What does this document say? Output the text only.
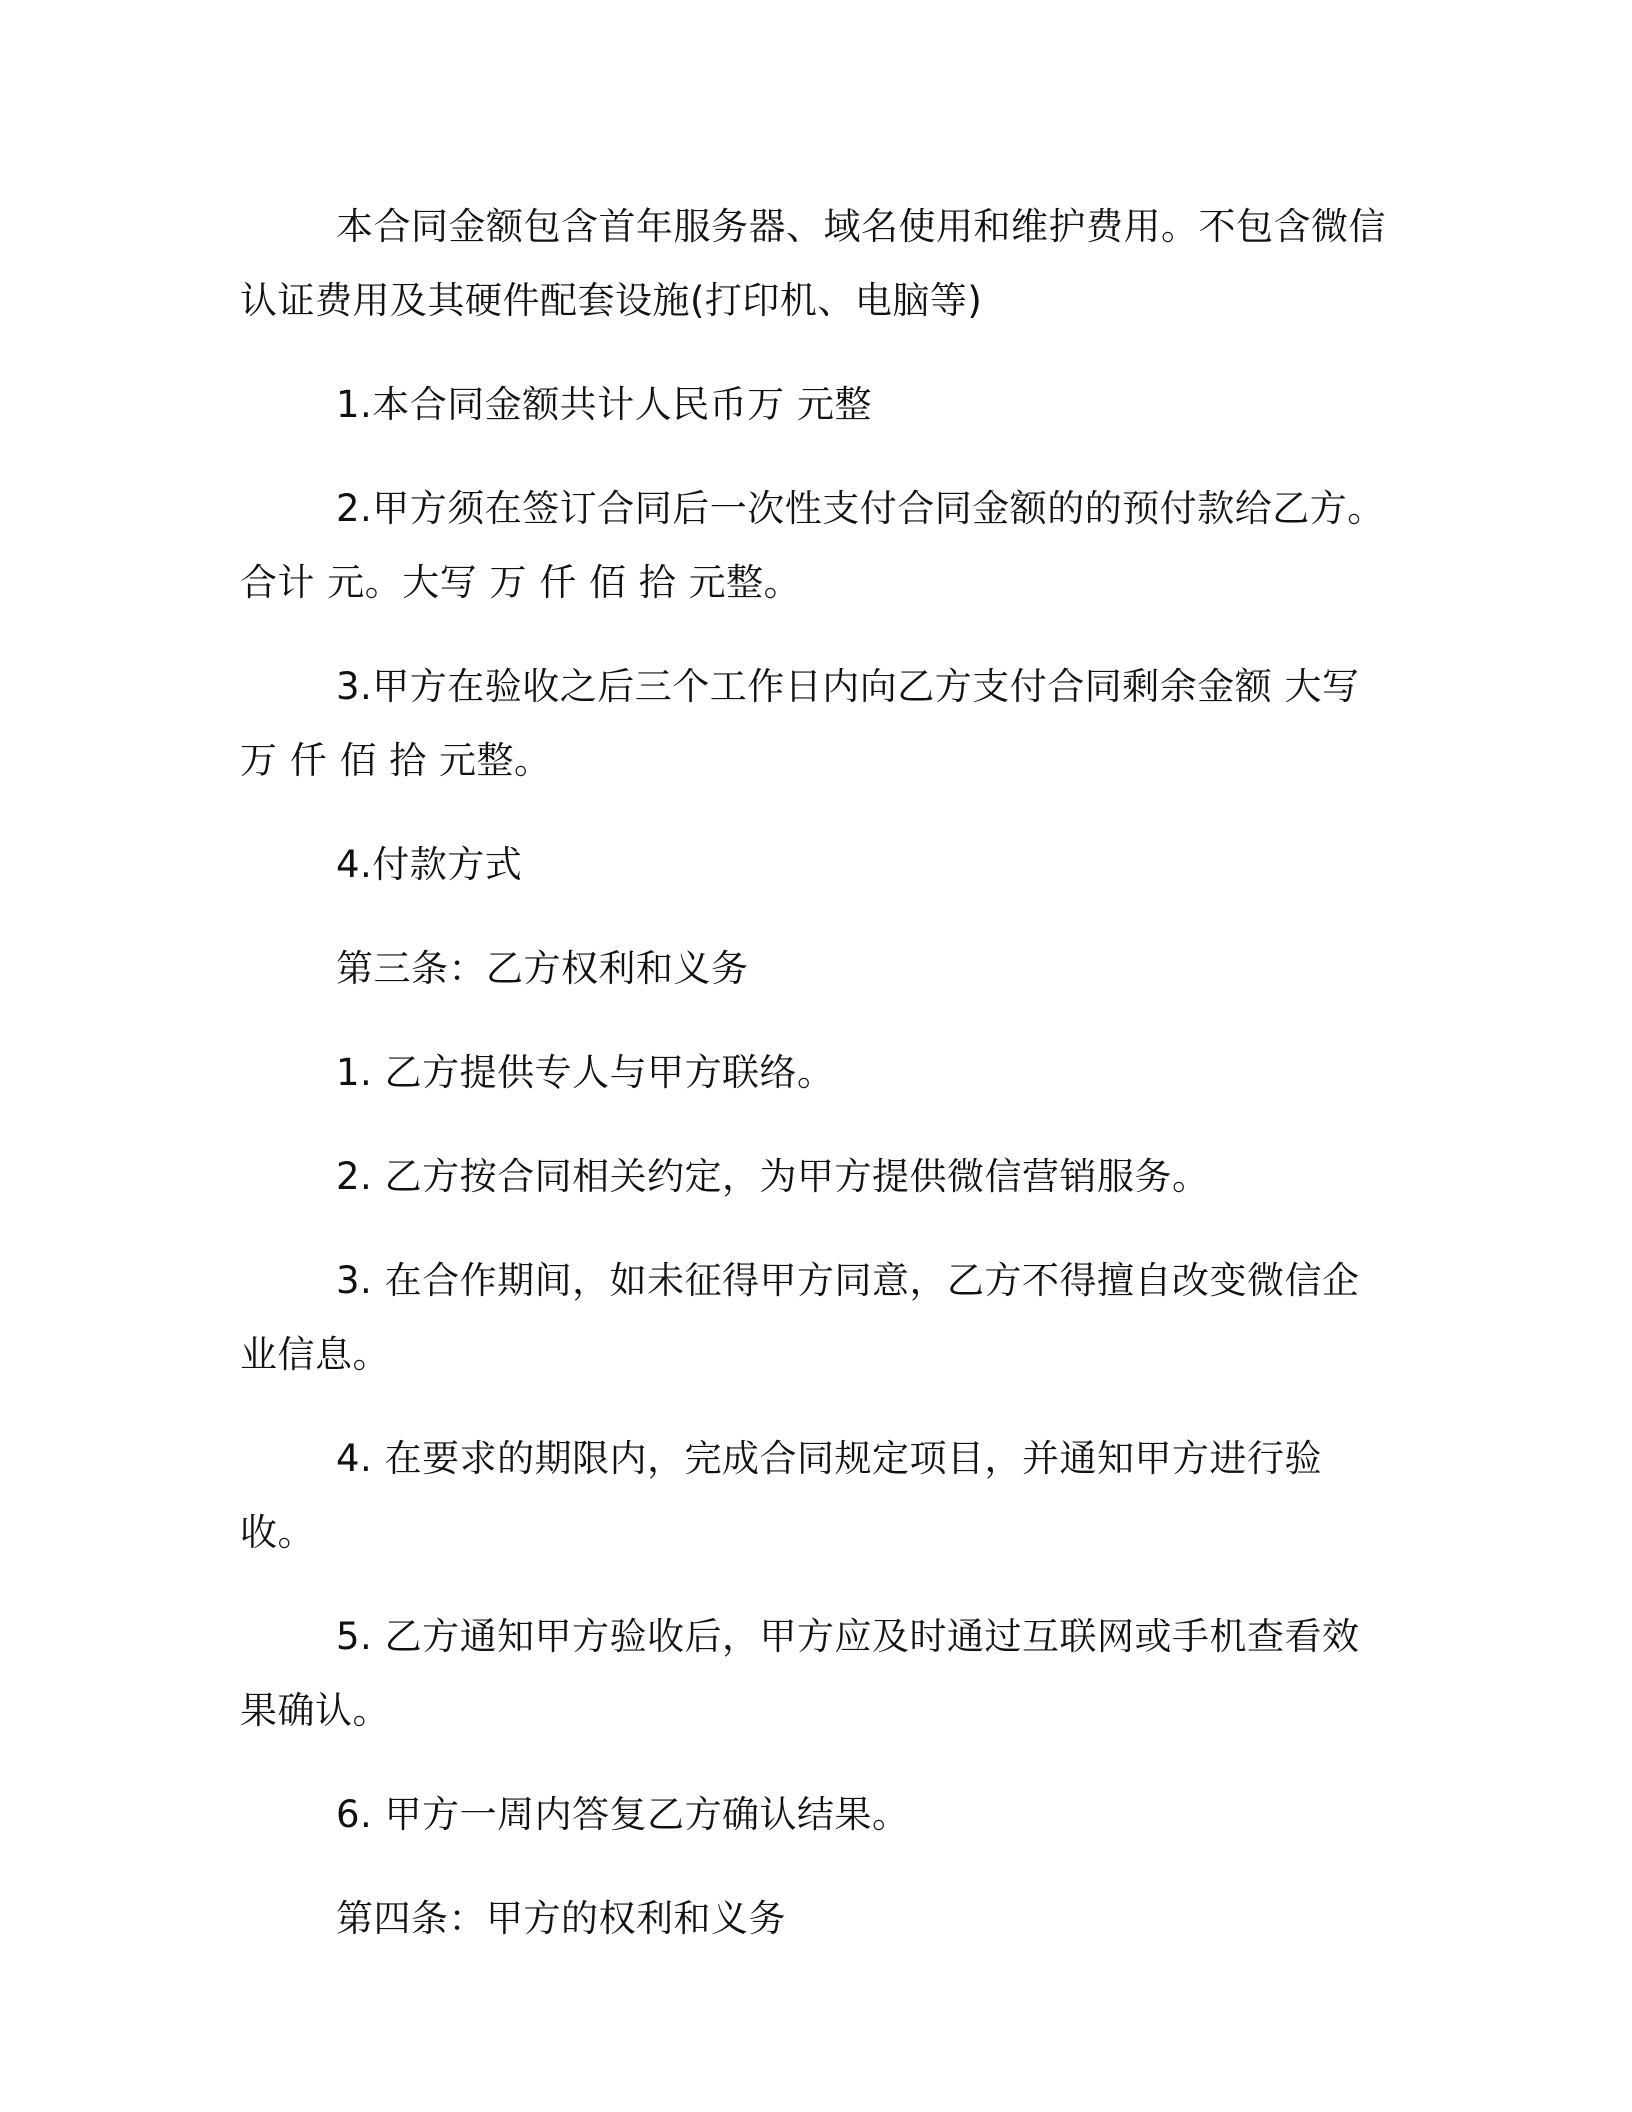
本合同金额包含首年服务器、域名使用和维护费用。不包含微信认证费用及其硬件配套设施(打印机、电脑等)

1.本合同金额共计人民币万 元整

2.甲方须在签订合同后一次性支付合同金额的的预付款给乙方。合计 元。大写 万 仟 佰 拾 元整。

3.甲方在验收之后三个工作日内向乙方支付合同剩余金额 大写 万 仟 佰 拾 元整。

4.付款方式

第三条：乙方权利和义务

1. 乙方提供专人与甲方联络。

2. 乙方按合同相关约定，为甲方提供微信营销服务。

3. 在合作期间，如未征得甲方同意，乙方不得擅自改变微信企业信息。

4. 在要求的期限内，完成合同规定项目，并通知甲方进行验收。

5. 乙方通知甲方验收后，甲方应及时通过互联网或手机查看效果确认。

6. 甲方一周内答复乙方确认结果。

第四条：甲方的权利和义务
